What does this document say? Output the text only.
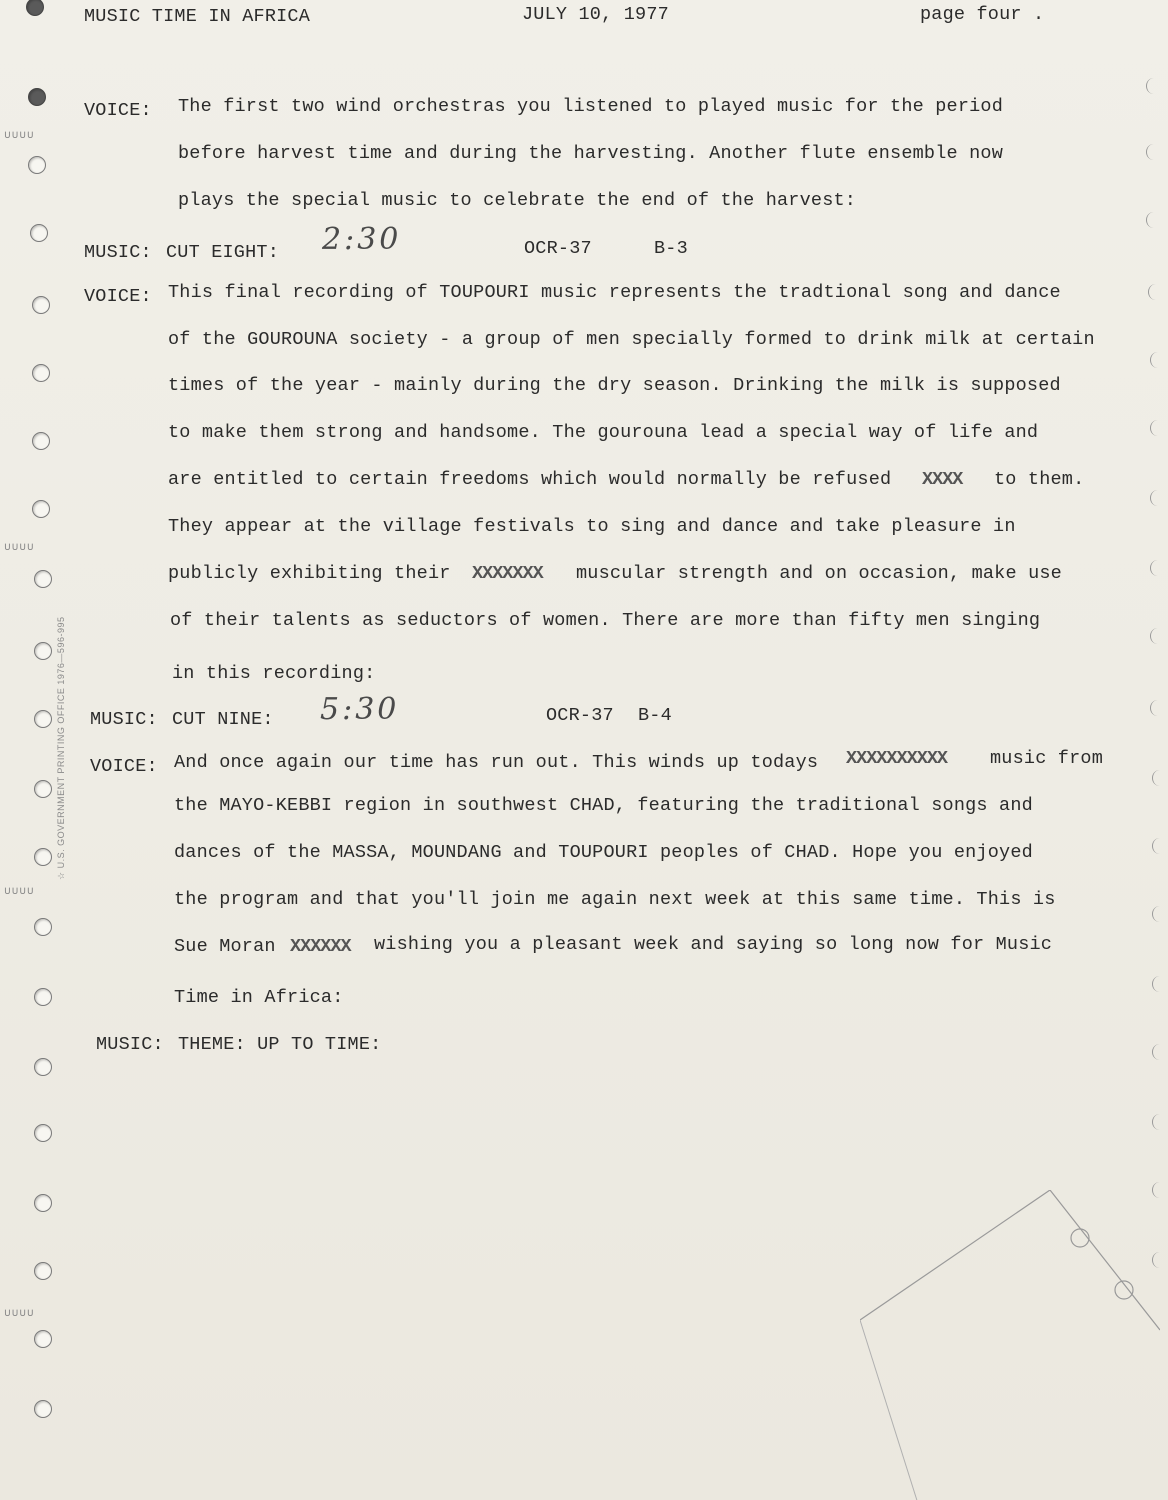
∪∪∪∪
∪∪∪∪
∪∪∪∪
∪∪∪∪
☆ U.S. GOVERNMENT PRINTING OFFICE 1976—596-995
MUSIC TIME IN AFRICA	JULY 10, 1977	page four .
VOICE: The first two wind orchestras you listened to played music for the period
before harvest time and during the harvesting. Another flute ensemble now
plays the special music to celebrate the end of the harvest:
MUSIC: CUT EIGHT: 2:30	OCR-37	B-3
VOICE: This final recording of TOUPOURI music represents the tradtional song and dance
of the GOUROUNA society - a group of men specially formed to drink milk at certain
times of the year - mainly during the dry season. Drinking the milk is supposed
to make them strong and handsome. The gourouna lead a special way of life and
are entitled to certain freedoms which would normally be refused XXXX to them.
They appear at the village festivals to sing and dance and take pleasure in
publicly exhibiting their XXXXXXX muscular strength and on occasion, make use
of their talents as seductors of women. There are more than fifty men singing
in this recording:
MUSIC: CUT NINE: 5:30	OCR-37 B-4
VOICE: And once again our time has run out. This winds up todays XXXXXXXXXX music from
the MAYO-KEBBI region in southwest CHAD, featuring the traditional songs and
dances of the MASSA, MOUNDANG and TOUPOURI peoples of CHAD. Hope you enjoyed
the program and that you'll join me again next week at this same time. This is
Sue Moran XXXXXX wishing you a pleasant week and saying so long now for Music
Time in Africa:
MUSIC: THEME: UP TO TIME:
